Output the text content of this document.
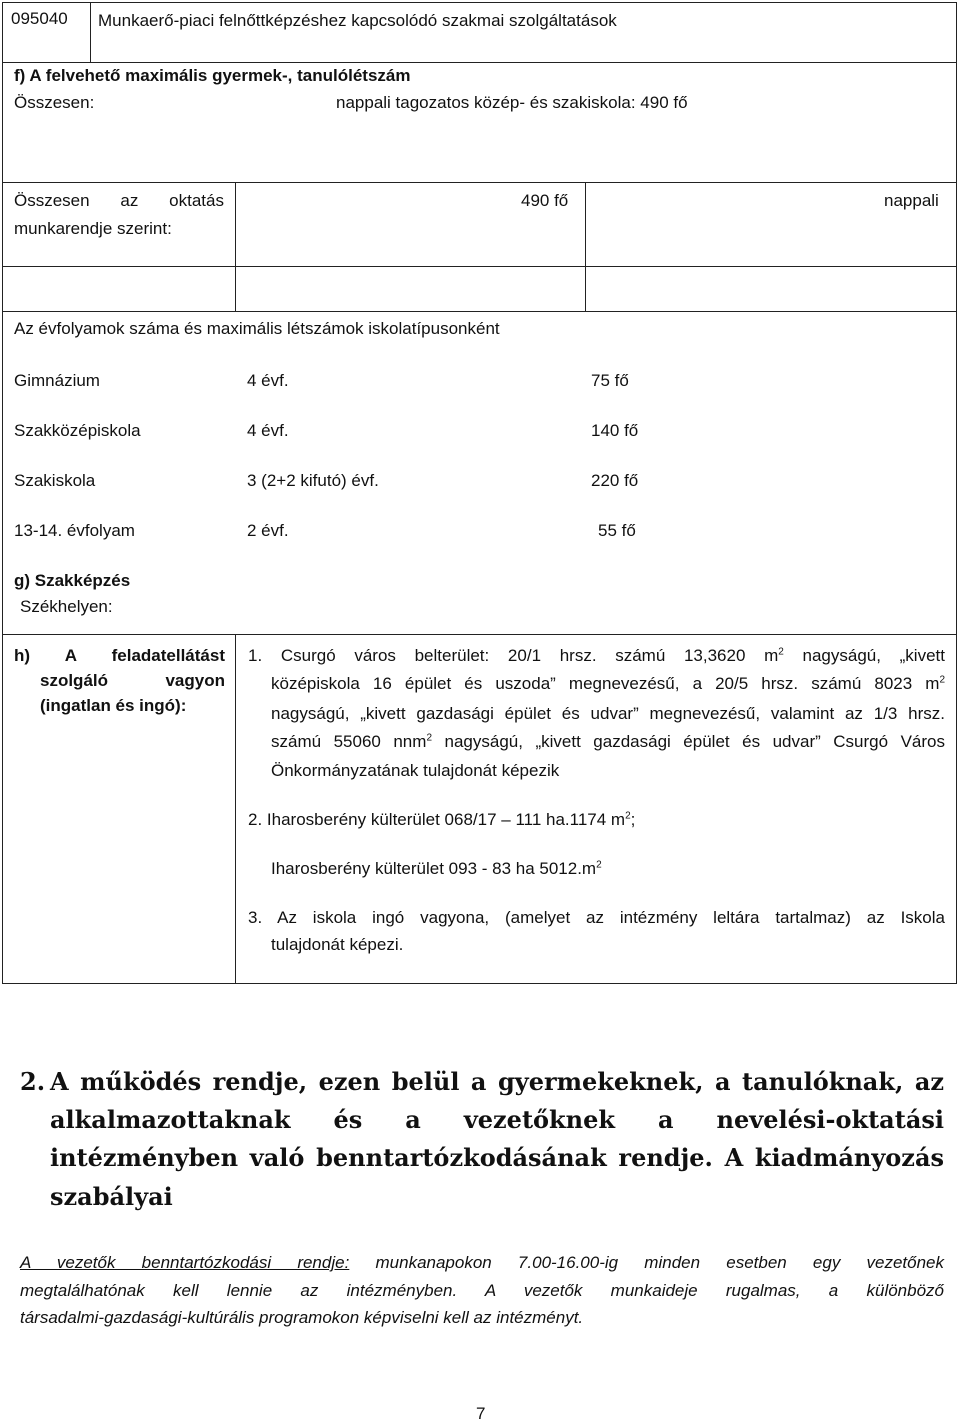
095040 Munkaerő-piaci felnőttképzéshez kapcsolódó szakmai szolgáltatások
f) A felvehető maximális gyermek-, tanulólétszám
Összesen:	nappali tagozatos közép- és szakiskola: 490 fő
Összesen az oktatás
munkarendje szerint:
490 fő	nappali
Az évfolyamok száma és maximális létszámok iskolatípusonként
Gimnázium	4 évf.	75 fő
Szakközépiskola	4 évf.	140 fő
Szakiskola	3 (2+2 kifutó) évf.	220 fő
13-14. évfolyam	2 évf.	55 fő
g) Szakképzés
Székhelyen:
h) A feladatellátást
szolgáló vagyon
(ingatlan és ingó):
1. Csurgó város belterület: 20/1 hrsz. számú 13,3620 $m^2$ nagyságú, „kivett
középiskola 16 épület és uszoda” megnevezésű, a 20/5 hrsz. számú 8023 $m^2$
nagyságú, „kivett gazdasági épület és udvar” megnevezésű, valamint az 1/3 hrsz.
számú 55060 nnm$^2$ nagyságú, „kivett gazdasági épület és udvar” Csurgó Város
Önkormányzatának tulajdonát képezik
2. Iharosberény külterület 068/17 – 111 ha.1174 $m^2$;
Iharosberény külterület 093 - 83 ha $5012.m^2$
3. Az iskola ingó vagyona, (amelyet az intézmény leltára tartalmaz) az Iskola
tulajdonát képezi.
2. A működés rendje, ezen belül a gyermekeknek, a tanulóknak, az
alkalmazottaknak és a vezetőknek a nevelési-oktatási
intézményben való benntartózkodásának rendje. A kiadmányozás
szabályai
A vezetők benntartózkodási rendje: munkanapokon 7.00-16.00-ig minden esetben egy vezetőnek
megtalálhatónak kell lennie az intézményben. A vezetők munkaideje rugalmas, a különböző
társadalmi-gazdasági-kultúrális programokon képviselni kell az intézményt.
7
